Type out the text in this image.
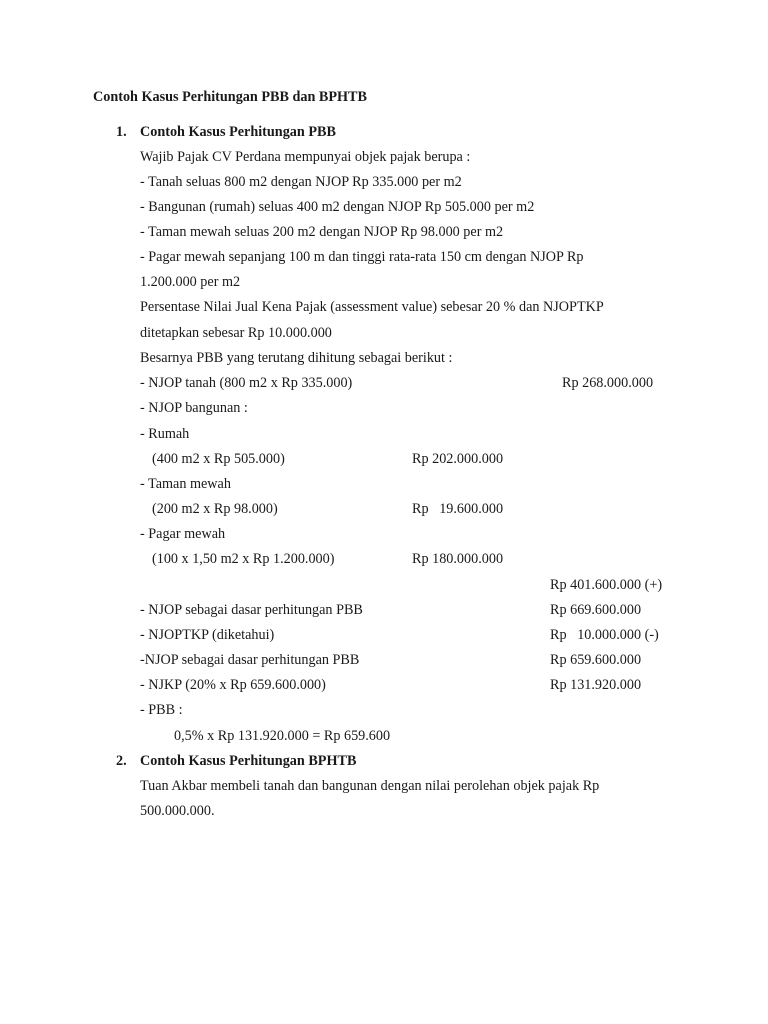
Contoh Kasus Perhitungan PBB dan BPHTB
1. Contoh Kasus Perhitungan PBB
Wajib Pajak CV Perdana mempunyai objek pajak berupa :
- Tanah seluas 800 m2 dengan NJOP Rp 335.000 per m2
- Bangunan (rumah) seluas 400 m2 dengan NJOP Rp 505.000 per m2
- Taman mewah seluas 200 m2 dengan NJOP Rp 98.000 per m2
- Pagar mewah sepanjang 100 m dan tinggi rata-rata 150 cm dengan NJOP Rp
1.200.000 per m2
Persentase Nilai Jual Kena Pajak (assessment value) sebesar 20 % dan NJOPTKP
ditetapkan sebesar Rp 10.000.000
Besarnya PBB yang terutang dihitung sebagai berikut :
- NJOP tanah (800 m2 x Rp 335.000)	Rp 268.000.000
- NJOP bangunan :
- Rumah
(400 m2 x Rp 505.000)	Rp 202.000.000
- Taman mewah
(200 m2 x Rp 98.000)	Rp   19.600.000
- Pagar mewah
(100 x 1,50 m2 x Rp 1.200.000)	Rp 180.000.000
Rp 401.600.000 (+)
- NJOP sebagai dasar perhitungan PBB	Rp 669.600.000
- NJOPTKP (diketahui)	Rp   10.000.000 (-)
-NJOP sebagai dasar perhitungan PBB	Rp 659.600.000
- NJKP (20% x Rp 659.600.000)	Rp 131.920.000
- PBB :
0,5% x Rp 131.920.000 = Rp 659.600
2. Contoh Kasus Perhitungan BPHTB
Tuan Akbar membeli tanah dan bangunan dengan nilai perolehan objek pajak Rp
500.000.000.
